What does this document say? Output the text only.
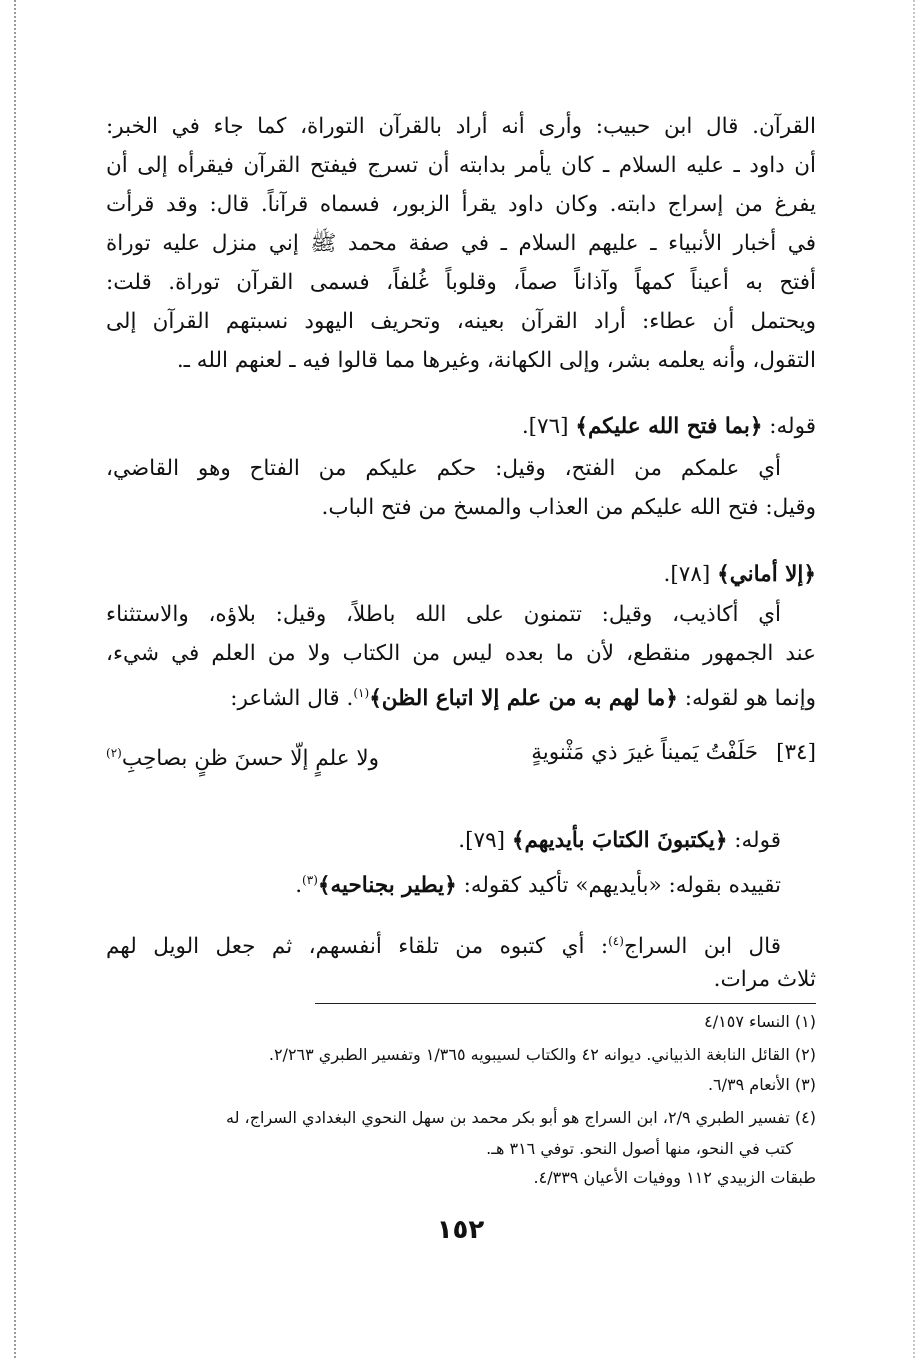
القرآن. قال ابن حبيب: وأرى أنه أراد بالقرآن التوراة، كما جاء في الخبر:
أن داود ـ عليه السلام ـ كان يأمر بدابته أن تسرج فيفتح القرآن فيقرأه إلى أن
يفرغ من إسراج دابته. وكان داود يقرأ الزبور، فسماه قرآناً. قال: وقد قرأت
في أخبار الأنبياء ـ عليهم السلام ـ في صفة محمد ﷺ إني منزل عليه توراة
أفتح به أعيناً كمهاً وآذاناً صماً، وقلوباً غُلفاً، فسمى القرآن توراة. قلت:
ويحتمل أن عطاء: أراد القرآن بعينه، وتحريف اليهود نسبتهم القرآن إلى
التقول، وأنه يعلمه بشر، وإلى الكهانة، وغيرها مما قالوا فيه ـ لعنهم الله ـ.
قوله: ﴿بما فتح الله عليكم﴾ [٧٦].
أي علمكم من الفتح، وقيل: حكم عليكم من الفتاح وهو القاضي،
وقيل: فتح الله عليكم من العذاب والمسخ من فتح الباب.
﴿إلا أماني﴾ [٧٨].
أي أكاذيب، وقيل: تتمنون على الله باطلاً، وقيل: بلاؤه، والاستثناء
عند الجمهور منقطع، لأن ما بعده ليس من الكتاب ولا من العلم في شيء،
وإنما هو لقوله: ﴿ما لهم به من علم إلا اتباع الظن﴾$^{(١)}$. قال الشاعر:
[٣٤]
حَلَفْتُ يَميناً غيرَ ذي مَثْنويةٍ
ولا علمٍ إلّا حسنَ ظنٍ بصاحِبِ$^{(٢)}$
قوله: ﴿يكتبونَ الكتابَ بأيديهم﴾ [٧٩].
تقييده بقوله: «بأيديهم» تأكيد كقوله: ﴿يطير بجناحيه﴾$^{(٣)}$.
قال ابن السراج$^{(٤)}$: أي كتبوه من تلقاء أنفسهم، ثم جعل الويل لهم
ثلاث مرات.
(١) النساء ٤/١٥٧
(٢) القائل النابغة الذبياني. ديوانه ٤٢ والكتاب لسيبويه ١/٣٦٥ وتفسير الطبري ٢/٢٦٣.
(٣) الأنعام ٦/٣٩.
(٤) تفسير الطبري ٢/٩، ابن السراج هو أبو بكر محمد بن سهل النحوي البغدادي السراج، له
كتب في النحو، منها أصول النحو. توفي ٣١٦ هـ.
طبقات الزبيدي ١١٢ ووفيات الأعيان ٤/٣٣٩.
١٥٢
